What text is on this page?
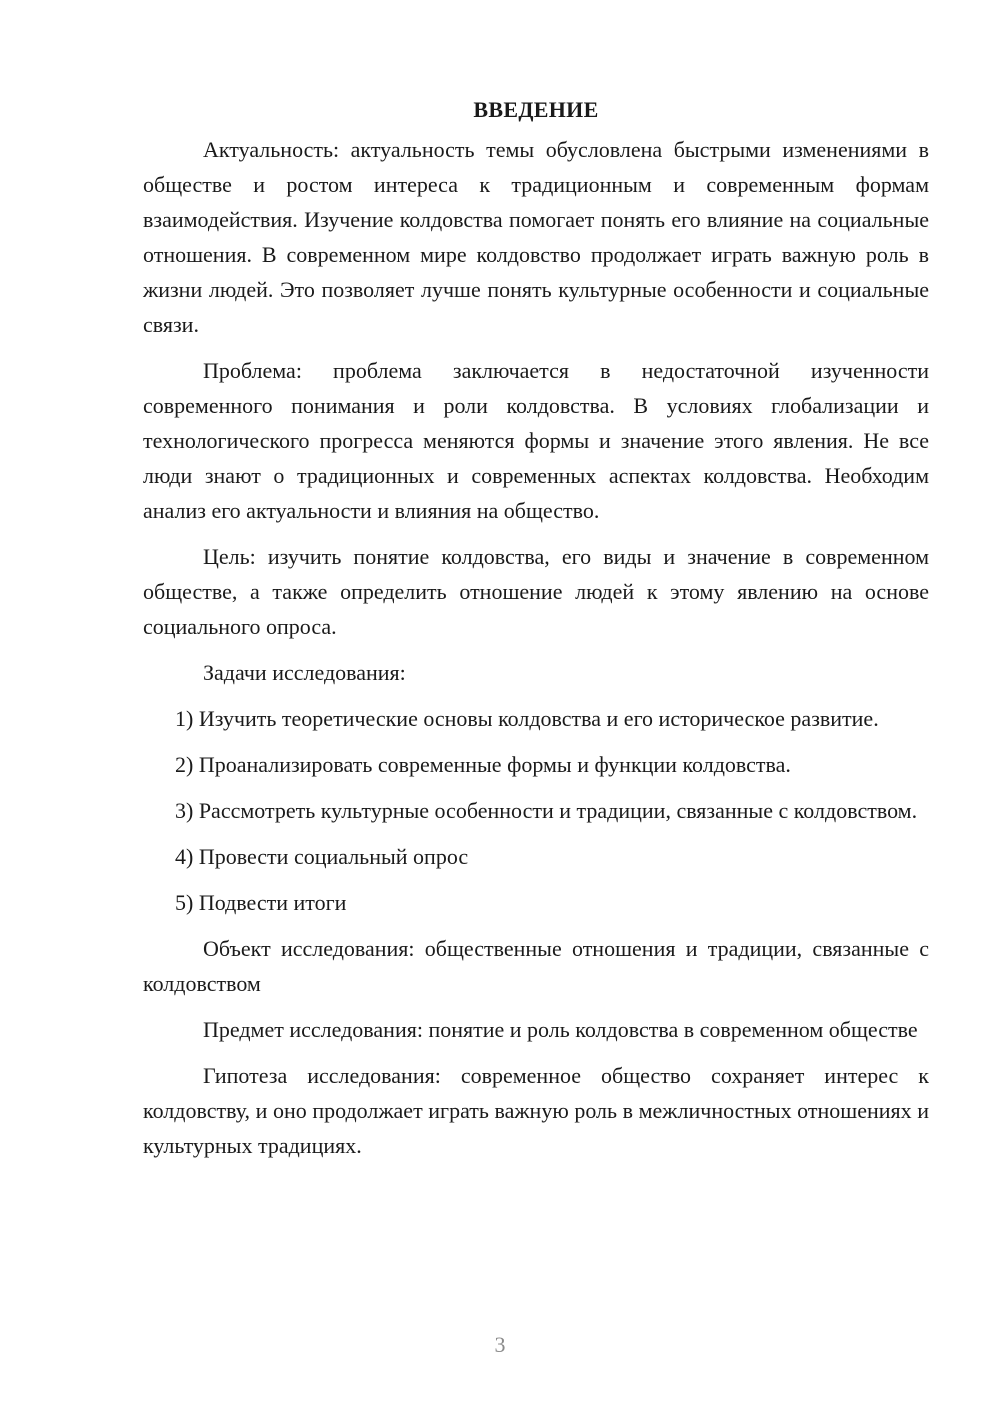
ВВЕДЕНИЕ

Актуальность: актуальность темы обусловлена быстрыми изменениями в обществе и ростом интереса к традиционным и современным формам взаимодействия. Изучение колдовства помогает понять его влияние на социальные отношения. В современном мире колдовство продолжает играть важную роль в жизни людей. Это позволяет лучше понять культурные особенности и социальные связи.

Проблема: проблема заключается в недостаточной изученности современного понимания и роли колдовства. В условиях глобализации и технологического прогресса меняются формы и значение этого явления. Не все люди знают о традиционных и современных аспектах колдовства. Необходим анализ его актуальности и влияния на общество.

Цель: изучить понятие колдовства, его виды и значение в современном обществе, а также определить отношение людей к этому явлению на основе социального опроса.

Задачи исследования:

1) Изучить теоретические основы колдовства и его историческое развитие.

2) Проанализировать современные формы и функции колдовства.

3) Рассмотреть культурные особенности и традиции, связанные с колдовством.

4) Провести социальный опрос

5) Подвести итоги

Объект исследования: общественные отношения и традиции, связанные с колдовством

Предмет исследования: понятие и роль колдовства в современном обществе

Гипотеза исследования: современное общество сохраняет интерес к колдовству, и оно продолжает играть важную роль в межличностных отношениях и культурных традициях.

3
